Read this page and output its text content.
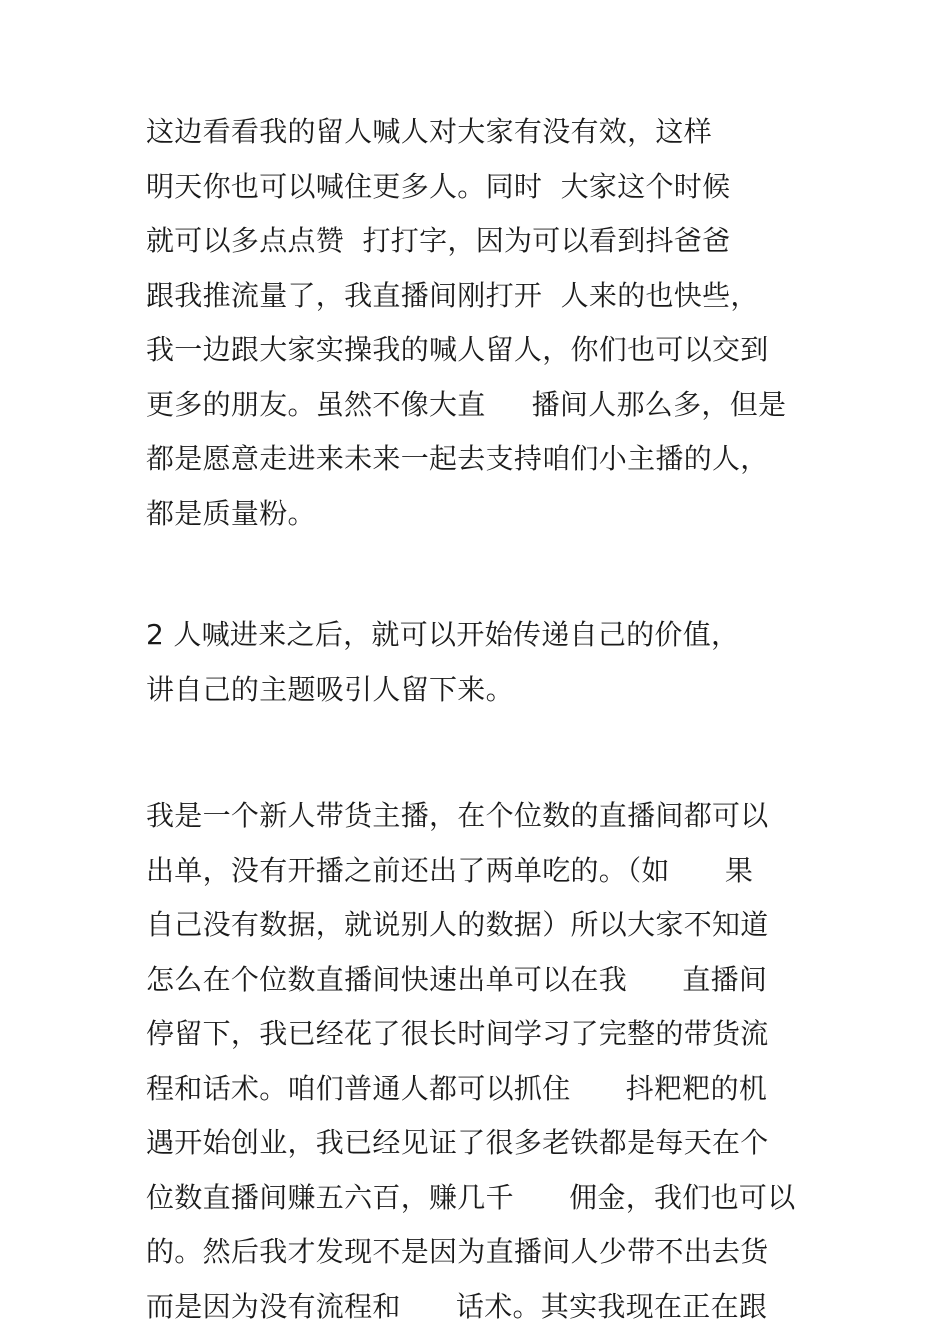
这边看看我的留人喊人对大家有没有效，这样
明天你也可以喊住更多人。同时  大家这个时候
就可以多点点赞  打打字，因为可以看到抖爸爸
跟我推流量了，我直播间刚打开  人来的也快些，
我一边跟大家实操我的喊人留人，你们也可以交到
更多的朋友。虽然不像大直     播间人那么多，但是
都是愿意走进来未来一起去支持咱们小主播的人，
都是质量粉。
2 人喊进来之后，就可以开始传递自己的价值，
讲自己的主题吸引人留下来。
我是一个新人带货主播，在个位数的直播间都可以
出单，没有开播之前还出了两单吃的。（如      果
自己没有数据，就说别人的数据）所以大家不知道
怎么在个位数直播间快速出单可以在我      直播间
停留下，我已经花了很长时间学习了完整的带货流
程和话术。咱们普通人都可以抓住      抖粑粑的机
遇开始创业，我已经见证了很多老铁都是每天在个
位数直播间赚五六百，赚几千      佣金，我们也可以
的。然后我才发现不是因为直播间人少带不出去货
而是因为没有流程和      话术。其实我现在正在跟
